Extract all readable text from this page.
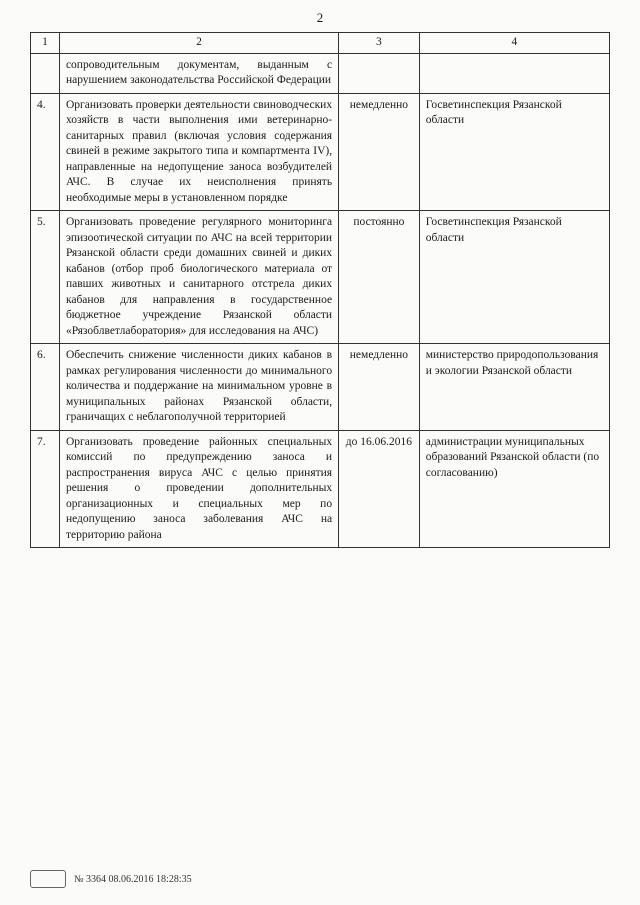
2
1	2	3	4
	сопроводительным документам, выданным с нарушением законодательства Российской Федерации		
4.	Организовать проверки деятельности свиноводческих хозяйств в части выполнения ими ветеринарно-санитарных правил (включая условия содержания свиней в режиме закрытого типа и компартмента IV), направленные на недопущение заноса возбудителей АЧС. В случае их неисполнения принять необходимые меры в установленном порядке	немедленно	Госветинспекция Рязанской области
5.	Организовать проведение регулярного мониторинга эпизоотической ситуации по АЧС на всей территории Рязанской области среди домашних свиней и диких кабанов (отбор проб биологического материала от павших животных и санитарного отстрела диких кабанов для направления в государственное бюджетное учреждение Рязанской области «Рязоблветлаборатория» для исследования на АЧС)	постоянно	Госветинспекция Рязанской области
6.	Обеспечить снижение численности диких кабанов в рамках регулирования численности до минимального количества и поддержание на минимальном уровне в муниципальных районах Рязанской области, граничащих с неблагополучной территорией	немедленно	министерство природопользования и экологии Рязанской области
7.	Организовать проведение районных специальных комиссий по предупреждению заноса и распространения вируса АЧС с целью принятия решения о проведении дополнительных организационных и специальных мер по недопущению заноса заболевания АЧС на территорию района	до 16.06.2016	администрации муниципальных образований Рязанской области (по согласованию)
№ 3364 08.06.2016 18:28:35
